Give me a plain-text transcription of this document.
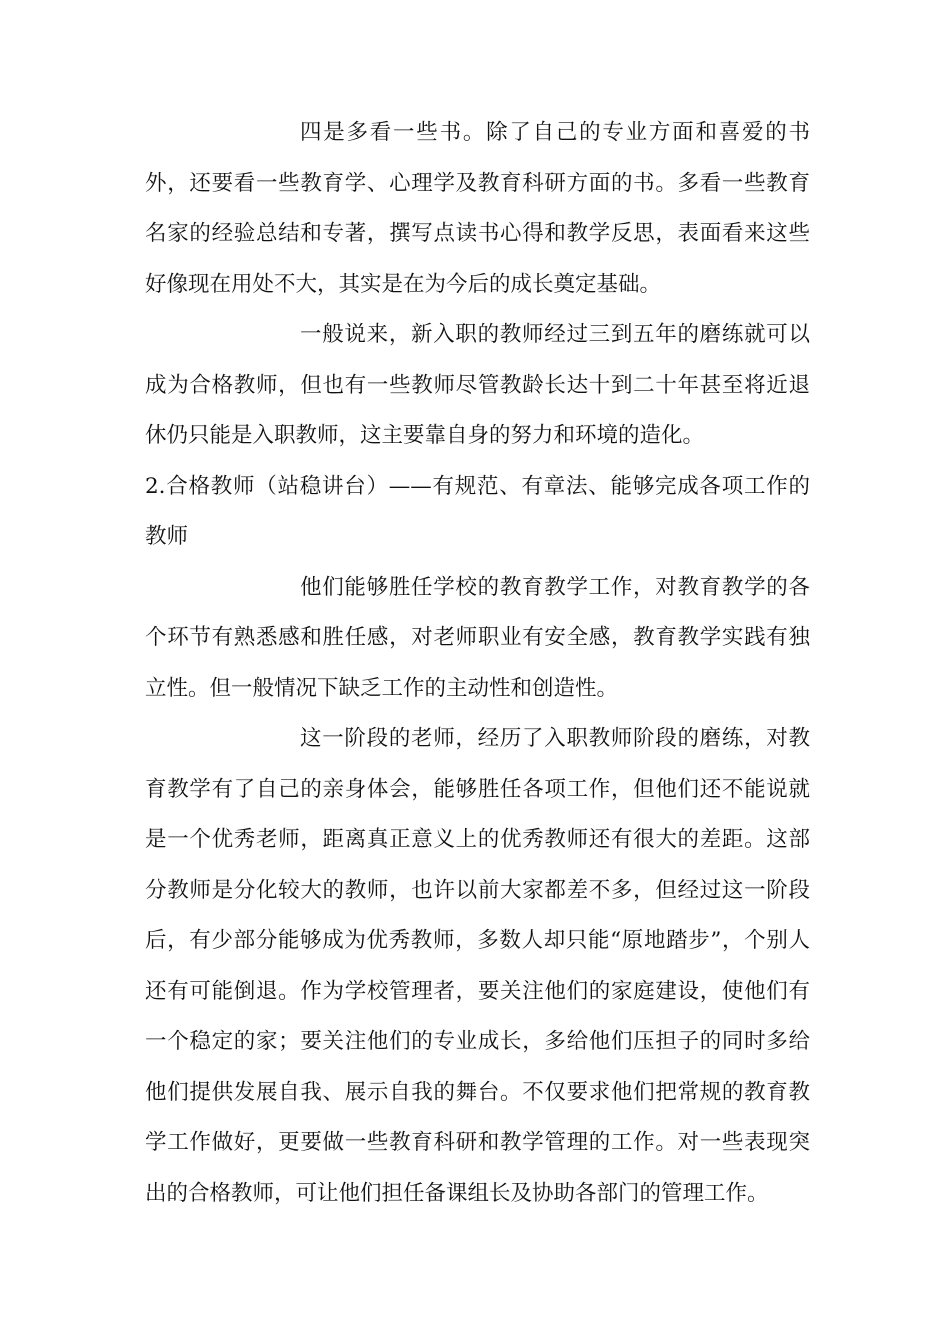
四是多看一些书。除了自己的专业方面和喜爱的书外，还要看一些教育学、心理学及教育科研方面的书。多看一些教育名家的经验总结和专著，撰写点读书心得和教学反思，表面看来这些好像现在用处不大，其实是在为今后的成长奠定基础。

一般说来，新入职的教师经过三到五年的磨练就可以成为合格教师，但也有一些教师尽管教龄长达十到二十年甚至将近退休仍只能是入职教师，这主要靠自身的努力和环境的造化。

2.合格教师（站稳讲台）——有规范、有章法、能够完成各项工作的教师

他们能够胜任学校的教育教学工作，对教育教学的各个环节有熟悉感和胜任感，对老师职业有安全感，教育教学实践有独立性。但一般情况下缺乏工作的主动性和创造性。

这一阶段的老师，经历了入职教师阶段的磨练，对教育教学有了自己的亲身体会，能够胜任各项工作，但他们还不能说就是一个优秀老师，距离真正意义上的优秀教师还有很大的差距。这部分教师是分化较大的教师，也许以前大家都差不多，但经过这一阶段后，有少部分能够成为优秀教师，多数人却只能“原地踏步”，个别人还有可能倒退。作为学校管理者，要关注他们的家庭建设，使他们有一个稳定的家；要关注他们的专业成长，多给他们压担子的同时多给他们提供发展自我、展示自我的舞台。不仅要求他们把常规的教育教学工作做好，更要做一些教育科研和教学管理的工作。对一些表现突出的合格教师，可让他们担任备课组长及协助各部门的管理工作。
